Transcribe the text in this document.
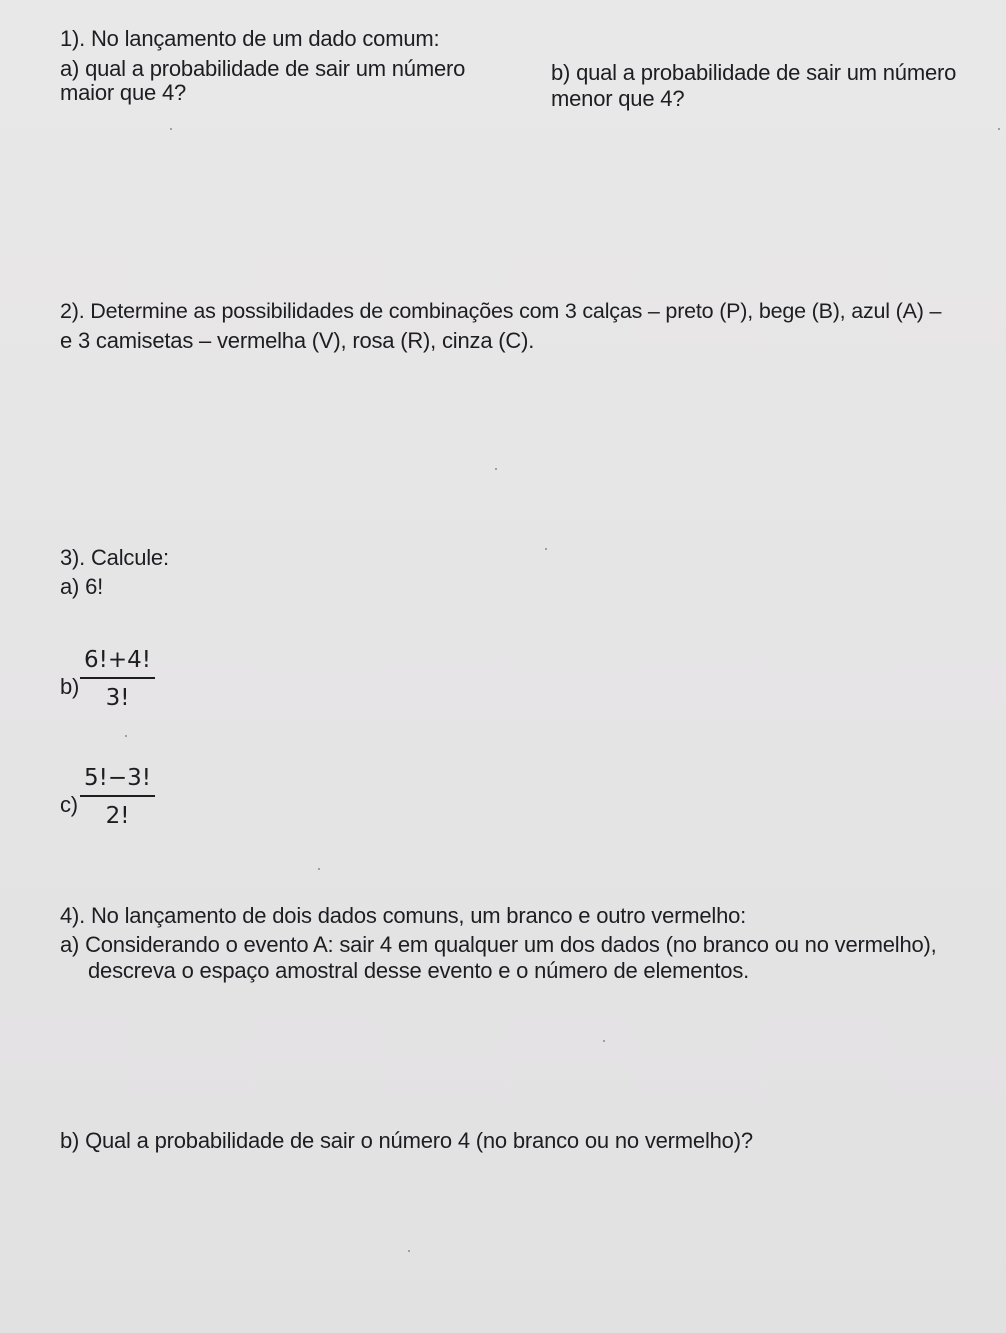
1). No lançamento de um dado comum:
a) qual a probabilidade de sair um número
maior que 4?
b) qual a probabilidade de sair um número
menor que 4?
2). Determine as possibilidades de combinações com 3 calças – preto (P), bege (B), azul (A) –
e 3 camisetas – vermelha (V), rosa (R), cinza (C).
3). Calcule:
a) 6!
$b) \frac{6!+4!}{3!}$
$c) \frac{5!-3!}{2!}$
4). No lançamento de dois dados comuns, um branco e outro vermelho:
a) Considerando o evento A: sair 4 em qualquer um dos dados (no branco ou no vermelho),
descreva o espaço amostral desse evento e o número de elementos.
b) Qual a probabilidade de sair o número 4 (no branco ou no vermelho)?
